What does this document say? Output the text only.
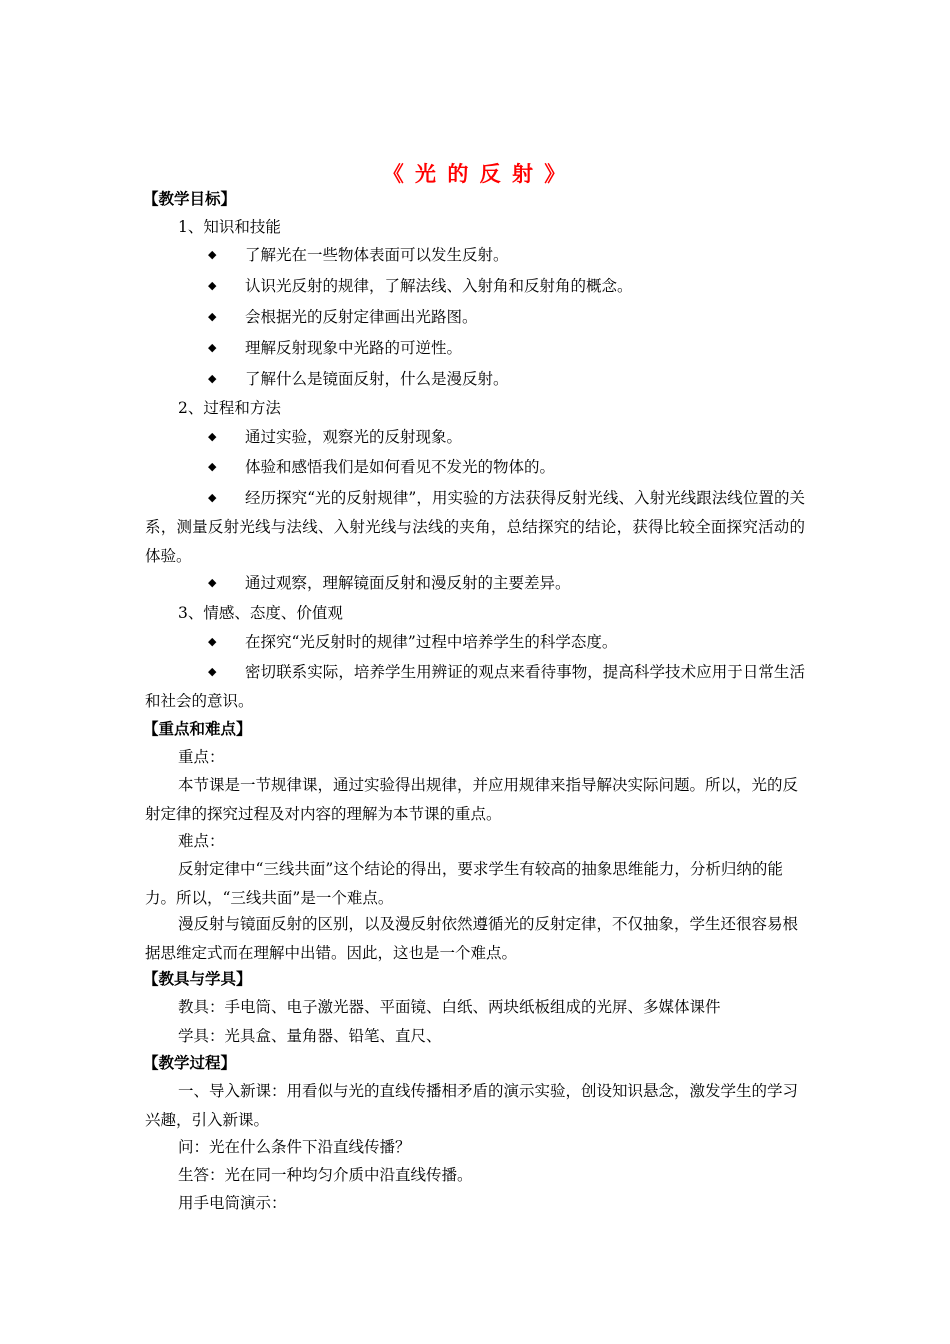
《 光 的 反 射 》
【教学目标】
1、知识和技能
◆ 了解光在一些物体表面可以发生反射。
◆ 认识光反射的规律，了解法线、入射角和反射角的概念。
◆ 会根据光的反射定律画出光路图。
◆ 理解反射现象中光路的可逆性。
◆ 了解什么是镜面反射，什么是漫反射。
2、过程和方法
◆ 通过实验，观察光的反射现象。
◆ 体验和感悟我们是如何看见不发光的物体的。
◆	经历探究“光的反射规律”，用实验的方法获得反射光线、入射光线跟法线位置的关系，测量反射光线与法线、入射光线与法线的夹角，总结探究的结论，获得比较全面探究活动的体验。
◆ 通过观察，理解镜面反射和漫反射的主要差异。
3、情感、态度、价值观
◆ 在探究“光反射时的规律”过程中培养学生的科学态度。
◆	密切联系实际，培养学生用辨证的观点来看待事物，提高科学技术应用于日常生活和社会的意识。
【重点和难点】
重点：
本节课是一节规律课，通过实验得出规律，并应用规律来指导解决实际问题。所以，光的反射定律的探究过程及对内容的理解为本节课的重点。
难点：
反射定律中“三线共面”这个结论的得出，要求学生有较高的抽象思维能力，分析归纳的能力。所以，“三线共面”是一个难点。
漫反射与镜面反射的区别，以及漫反射依然遵循光的反射定律，不仅抽象，学生还很容易根据思维定式而在理解中出错。因此，这也是一个难点。
【教具与学具】
教具：手电筒、电子激光器、平面镜、白纸、两块纸板组成的光屏、多媒体课件
学具：光具盒、量角器、铅笔、直尺、
【教学过程】
一、导入新课：用看似与光的直线传播相矛盾的演示实验，创设知识悬念，激发学生的学习兴趣，引入新课。
问：光在什么条件下沿直线传播？
生答：光在同一种均匀介质中沿直线传播。
用手电筒演示：
